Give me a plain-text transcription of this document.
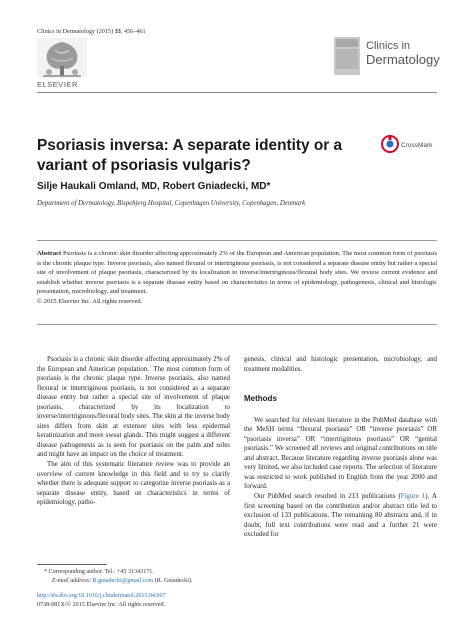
Clinics in Dermatology (2015) 33, 456–461
ELSEVIER
Clinics in
Dermatology
Psoriasis inversa: A separate identity or a variant of psoriasis vulgaris?
CrossMark
Silje Haukali Omland, MD, Robert Gniadecki, MD*
Department of Dermatology, Bispebjerg Hospital, Copenhagen University, Copenhagen, Denmark
Abstract Psoriasis is a chronic skin disorder affecting approximately 2% of the European and American population. The most common form of psoriasis is the chronic plaque type. Inverse psoriasis, also named flexural or intertriginous psoriasis, is not considered a separate disease entity but rather a special site of involvement of plaque psoriasis, characterized by its localization to inverse/intertriginous/flexural body sites. We review current evidence and establish whether inverse psoriasis is a separate disease entity based on characteristics in terms of epidemiology, pathogenesis, clinical and histologic presentation, microbiology, and treatment.
© 2015 Elsevier Inc. All rights reserved.

Psoriasis is a chronic skin disorder affecting approximately 2% of the European and American population.$^1$ The most common form of psoriasis is the chronic plaque type. Inverse psoriasis, also named flexural or intertriginous psoriasis, is not considered as a separate disease entity but rather a special site of involvement of plaque psoriasis, characterized by its localization to inverse/intertriginous/flexural body sites. The skin at the inverse body sites differs from skin at extensor sites with less epidermal keratinization and more sweat glands. This might suggest a different disease pathogenesis as is seen for psoriasis on the palm and soles and might have an impact on the choice of treatment.

The aim of this systematic literature review was to provide an overview of current knowledge in this field and to try to clarify whether there is adequate support to categorize inverse psoriasis as a separate disease entity, based on characteristics in terms of epidemiology, patho-

genesis, clinical and histologic presentation, microbiology, and treatment modalities.

Methods

We searched for relevant literature in the PubMed database with the MeSH terms “flexural psoriasis” OR “inverse psoriasis” OR “psoriasis inversa” OR “intertriginous psoriasis” OR “genital psoriasis.” We screened all reviews and original contributions on title and abstract. Because literature regarding inverse psoriasis alone was very limited, we also included case reports. The selection of literature was restricted to work published in English from the year 2000 and forward.

Our PubMed search resulted in 213 publications (Figure 1). A first screening based on the contribution and/or abstract title led to exclusion of 133 publications. The remaining 80 abstracts and, if in doubt, full text contributions were read and a further 21 were excluded for

* Corresponding author. Tel.: +45 31343171.
E-mail address: R.gniadecki@gmail.com (R. Gniadecki).
http://dx.doi.org/10.1016/j.clindermatol.2015.04.007
0738-081X/© 2015 Elsevier Inc. All rights reserved.
